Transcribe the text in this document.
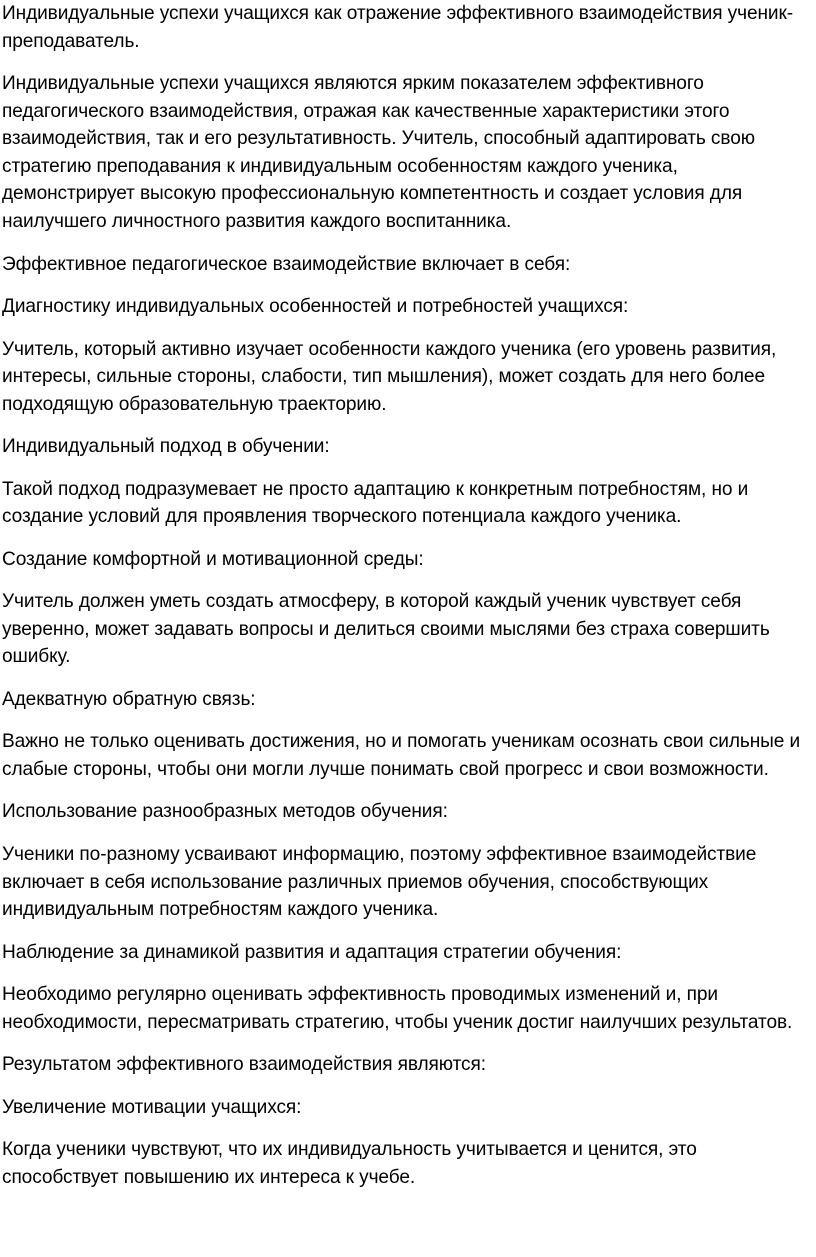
Индивидуальные успехи учащихся как отражение эффективного взаимодействия ученик-преподаватель.

Индивидуальные успехи учащихся являются ярким показателем эффективного педагогического взаимодействия, отражая как качественные характеристики этого взаимодействия, так и его результативность. Учитель, способный адаптировать свою стратегию преподавания к индивидуальным особенностям каждого ученика, демонстрирует высокую профессиональную компетентность и создает условия для наилучшего личностного развития каждого воспитанника.

Эффективное педагогическое взаимодействие включает в себя:

Диагностику индивидуальных особенностей и потребностей учащихся:

Учитель, который активно изучает особенности каждого ученика (его уровень развития, интересы, сильные стороны, слабости, тип мышления), может создать для него более подходящую образовательную траекторию.

Индивидуальный подход в обучении:

Такой подход подразумевает не просто адаптацию к конкретным потребностям, но и создание условий для проявления творческого потенциала каждого ученика.

Создание комфортной и мотивационной среды:

Учитель должен уметь создать атмосферу, в которой каждый ученик чувствует себя уверенно, может задавать вопросы и делиться своими мыслями без страха совершить ошибку.

Адекватную обратную связь:

Важно не только оценивать достижения, но и помогать ученикам осознать свои сильные и слабые стороны, чтобы они могли лучше понимать свой прогресс и свои возможности.

Использование разнообразных методов обучения:

Ученики по-разному усваивают информацию, поэтому эффективное взаимодействие включает в себя использование различных приемов обучения, способствующих индивидуальным потребностям каждого ученика.

Наблюдение за динамикой развития и адаптация стратегии обучения:

Необходимо регулярно оценивать эффективность проводимых изменений и, при необходимости, пересматривать стратегию, чтобы ученик достиг наилучших результатов.

Результатом эффективного взаимодействия являются:

Увеличение мотивации учащихся:

Когда ученики чувствуют, что их индивидуальность учитывается и ценится, это способствует повышению их интереса к учебе.
